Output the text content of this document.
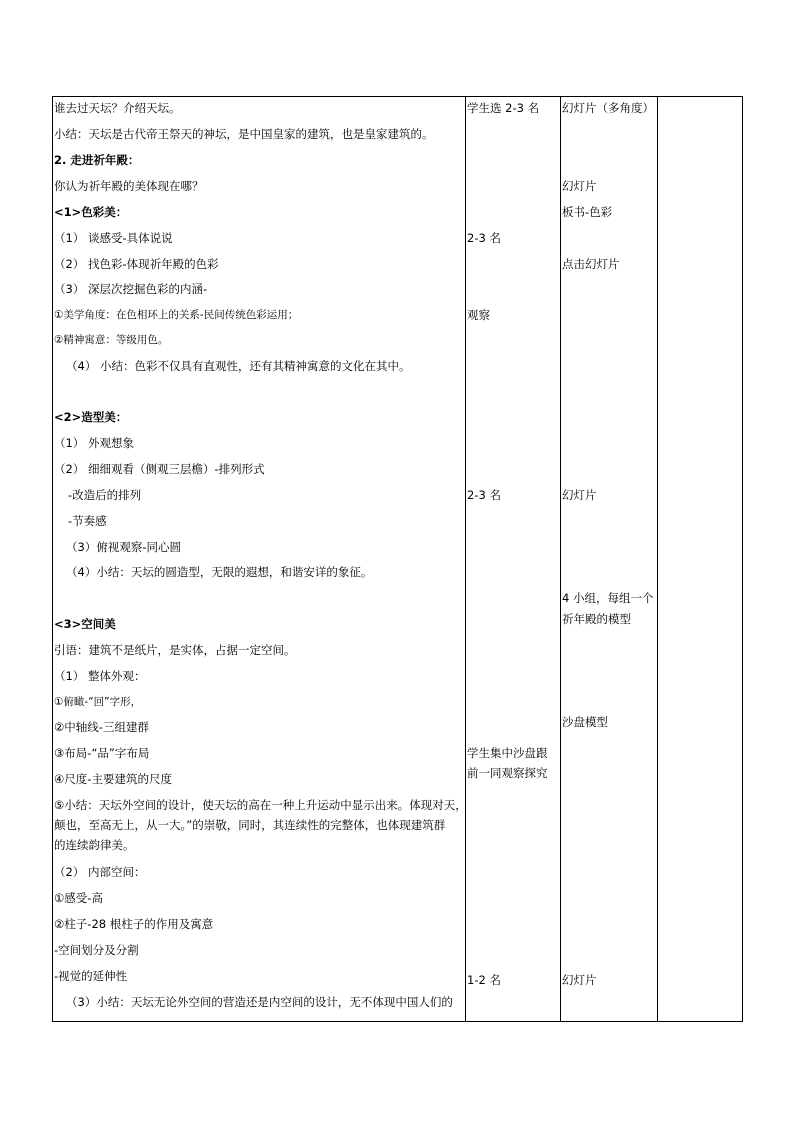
谁去过天坛？介绍天坛。
小结：天坛是古代帝王祭天的神坛，是中国皇家的建筑，也是皇家建筑的。
2. 走进祈年殿：
你认为祈年殿的美体现在哪？
<1>色彩美：
（1） 谈感受-具体说说
（2） 找色彩-体现祈年殿的色彩
（3） 深层次挖掘色彩的内涵-
①美学角度：在色相环上的关系-民间传统色彩运用；
②精神寓意：等级用色。
（4） 小结：色彩不仅具有直观性，还有其精神寓意的文化在其中。
<2>造型美：
（1） 外观想象
（2） 细细观看（侧观三层檐）-排列形式
-改造后的排列
-节奏感
（3）俯视观察-同心圆
（4）小结：天坛的圆造型，无限的遐想，和谐安详的象征。
<3>空间美
引语：建筑不是纸片，是实体，占据一定空间。
（1） 整体外观：
①俯瞰-“回”字形，
②中轴线-三组建群
③布局-“品”字布局
④尺度-主要建筑的尺度
⑤小结：天坛外空间的设计，使天坛的高在一种上升运动中显示出来。体现对天，
颠也，至高无上，从一大。”的崇敬，同时，其连续性的完整体，也体现建筑群
的连续韵律美。
（2） 内部空间：
①感受-高
②柱子-28 根柱子的作用及寓意
-空间划分及分割
-视觉的延伸性
（3）小结：天坛无论外空间的营造还是内空间的设计，无不体现中国人们的
学生选 2-3 名
2-3 名
观察
2-3 名
学生集中沙盘跟
前一同观察探究
1-2 名
幻灯片（多角度）
幻灯片
板书-色彩
点击幻灯片
幻灯片
4 小组，每组一个
祈年殿的模型
沙盘模型
幻灯片
